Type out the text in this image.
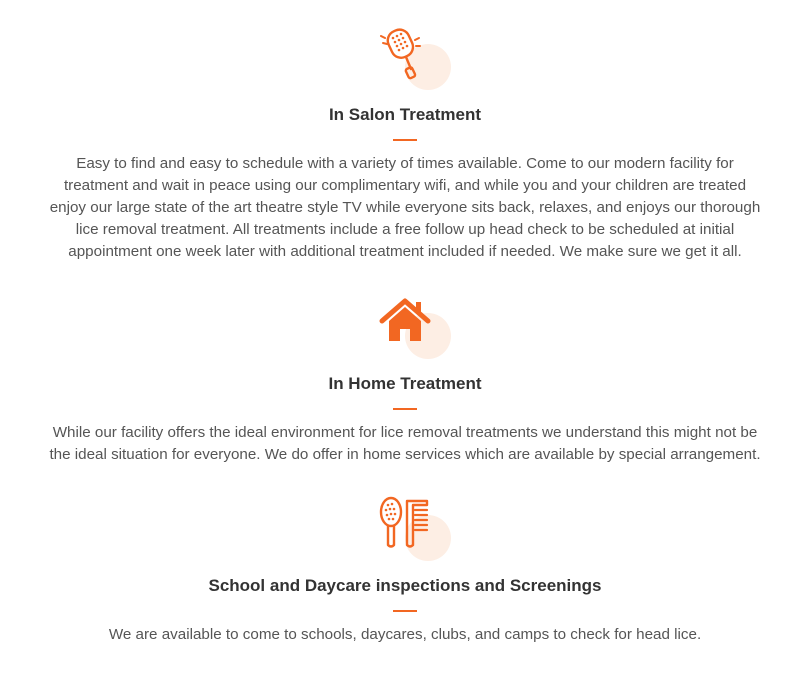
In Salon Treatment

Easy to find and easy to schedule with a variety of times available. Come to our modern facility for
treatment and wait in peace using our complimentary wifi, and while you and your children are treated
enjoy our large state of the art theatre style TV while everyone sits back, relaxes, and enjoys our thorough
lice removal treatment. All treatments include a free follow up head check to be scheduled at initial
appointment one week later with additional treatment included if needed. We make sure we get it all.

In Home Treatment

While our facility offers the ideal environment for lice removal treatments we understand this might not be
the ideal situation for everyone. We do offer in home services which are available by special arrangement.

School and Daycare inspections and Screenings

We are available to come to schools, daycares, clubs, and camps to check for head lice.
